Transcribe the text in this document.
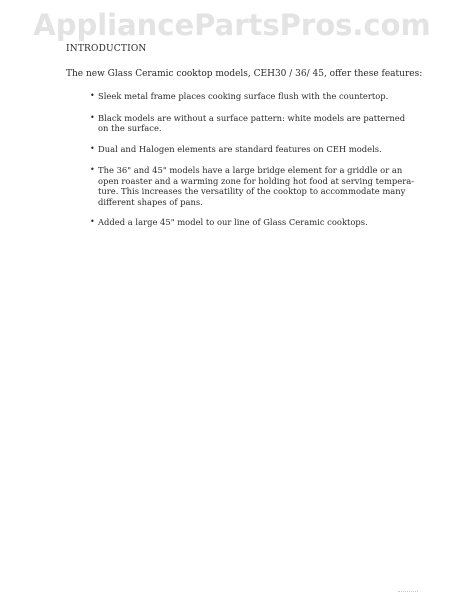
AppliancePartsPros.com
INTRODUCTION
The new Glass Ceramic cooktop models, CEH30 / 36/ 45, offer these features:
• Sleek metal frame places cooking surface flush with the countertop.
• Black models are without a surface pattern: white models are patterned
on the surface.
• Dual and Halogen elements are standard features on CEH models.
• The 36" and 45" models have a large bridge element for a griddle or an
open roaster and a warming zone for holding hot food at serving tempera-
ture. This increases the versatility of the cooktop to accommodate many
different shapes of pans.
• Added a large 45" model to our line of Glass Ceramic cooktops.
